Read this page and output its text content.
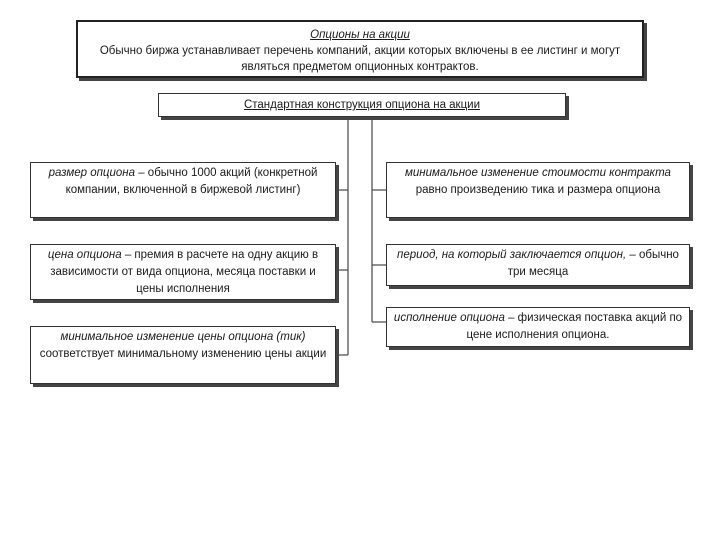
Опционы на акции
Обычно биржа устанавливает перечень компаний, акции которых включены в ее листинг и могут являться предметом опционных контрактов.
Стандартная конструкция опциона на акции
размер опциона – обычно 1000 акций (конкретной компании, включенной в биржевой листинг)
цена опциона – премия в расчете на одну акцию в зависимости от вида опциона, месяца поставки и цены исполнения
минимальное изменение цены опциона (тик) соответствует минимальному изменению цены акции
минимальное изменение стоимости контракта равно произведению тика и размера опциона
период, на который заключается опцион, – обычно три месяца
исполнение опциона – физическая поставка акций по цене исполнения опциона.
